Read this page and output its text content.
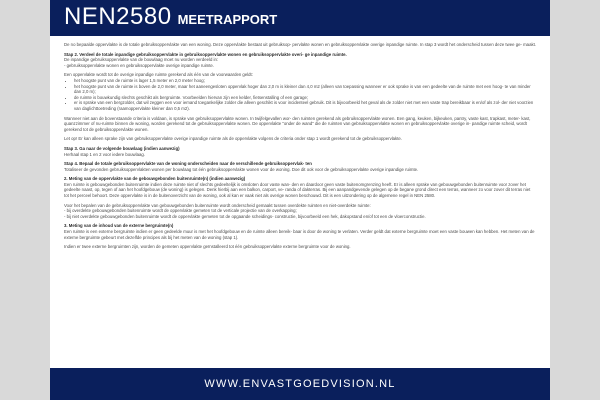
NEN2580 MEETRAPPORT

De no bepaalde oppervlakte is de totale gebruiksoppervlakte van een woning. Deze oppervlakte bestaat uit gebruiksop- pervlakte wonen en gebruiksoppervlakte overige inpandige ruimte. In stap 3 wordt het onderscheid tussen deze twee ge- maakt.

Stap 2. Verdeel de totale inpandige gebruiksoppervlakte in gebruiksoppervlakte wonen en gebruiksoppervlakte overi- ge inpandige ruimte.

De inpandige gebruiksoppervlakte van de bouwlaag moet nu worden verdeeld in:

- gebruiksoppervlakte wonen en gebruiksoppervlakte overige inpandige ruimte.

Een oppervlakte wordt tot de overige inpandige ruimte gerekend als één van de voorwaarden geldt:

• het hoogste punt van de ruimte is lager 1,5 meter en 2,0 meter hoog;
• het hoogste punt van de ruimte is boven de 2,0 meter, maar het aaneengesloten oppervlak hoger dan 2,0 m is kleiner dan 4,0 m2 (alleen van toepassing wanneer er ook sprake is van een gedeelte van de ruimte met een hoog- te van minder dan 2,0 m);
• de ruimte is bouwkundig slechts geschikt als bergruimte. Voorbeelden hiervan zijn een kelder, fietsenstalling of een garage;
• er is sprake van een bergzolder, dat wil zeggen een voor iemand toegankelijke zolder die alleen geschikt is voor incidenteel gebruik. Dit is bijvoorbeeld het geval als de zolder niet met een vaste trap bereikbaar is en/of als zol- der niet voorzien van daglichttoetreding (raamoppervlakte kleiner dan 0,5 m2).

Wanneer niet aan de bovenstaande criteria is voldaan, is sprake van gebruiksoppervlakte wonen. In twijfelgevallen wor- den ruimten gerekend als gebruiksoppervlakte wonen. Een gang, keuken, bijkeuken, pantry, vaste kast, trapkast, meter- kast, quanzzimmer of nu-ruimte binnen de woning, worden gerekend tot de gebruiksoppervlakte wonen. De oppervlakte "onder de wand" die de ruimten van gebruiksoppervlakte wonen en gebruiksoppervlakte overige in- pandige ruimte scheid, wordt gerekend tot de gebruiksoppervlakte wonen.

Let op! Er kan alleen sprake zijn van gebruiksoppervlakte overige inpandige ruimte als de oppervlakte volgens de criteria onder stap 1 wordt gerekend tot de gebruiksoppervlakte.

Stap 3. Ga naar de volgende bouwlaag (indien aanwezig)

Herhaal stap 1 en 2 voor iedere bouwlaag.

Stap 4. Bepaal de totale gebruiksoppervlakte van de woning onderscheiden naar de verschillende gebruiksoppervlak- ten

Totaliseer de gevonden gebruiksoppervlakten wonen per bouwlaag tot één gebruiksoppervlakte wonen voor de woning. Doe dit ook voor de gebruiksoppervlakte overige inpandige ruimte.

2. Meting van de oppervlakte van de gebouwgebonden buitenruimte(n) (indien aanwezig)

Een ruimte is gebouwgebonden buitenruimte indien deze ruimte niet of slechts gedeeltelijk is omsloten door vaste wan- den en daardoor geen vaste buitenomgrenzing heeft. Er is alleen sprake van gebouwgebonden buitenruimte voor zover het gedeelte naast, op, tegen of aan het hoofdgebouw (de woning) is gelegen. Denk hierbij aan een balkon, carport, ve- randa of dakterras. Bij een aanpandgevende gelegen op de begane grond direct een terras, wanneer zo voor zover dit terras niet tot het perceel behoort. Deze oppervlakte is in de buitenoverzicht van de woning, ook al kan er vaak niet als overige wonen beschouwd. Dit is een uitzondering op de algemene regel in NEN 2580.

Voor het bepalen van de gebruiksoppervlakte van gebouwgebonden buitenruimte wordt onderscheid gemaakt tussen overdekte ruimten en niet-overdekte ruimte:

- bij overdekte gebouwgebonden buitenruimte wordt de oppervlakte gemeten tot de verticale projectie van de overkapping;

- bij niet overdekte gebouwgebonden buitenruimte wordt de oppervlakte gemeten tot de opgaande scheidings- constructie, bijvoorbeeld een hek, dakopstand en/of tot een de vloerconstructie.

3. Meting van de inhoud van de externe bergruimte(n)

Een ruimte is een externe bergruimte indien er geen gedeelde muur is met het hoofdgebouw en de ruimte alleen bereik- baar is door de woning te verlaten. Verder geldt dat externe bergruimte moet een vaste bouwen kan hebben. Het meten van de externe bergruimte gebeurt met dezelfde principes als bij het meten van de woning (stap 1).

Indien er twee externe bergruimten zijn, worden de gemeten oppervlakte geïnstalleerd tot één gebruiksoppervlakte externe bergruimte voor de woning.

WWW.ENVASTGOEDVISION.NL
